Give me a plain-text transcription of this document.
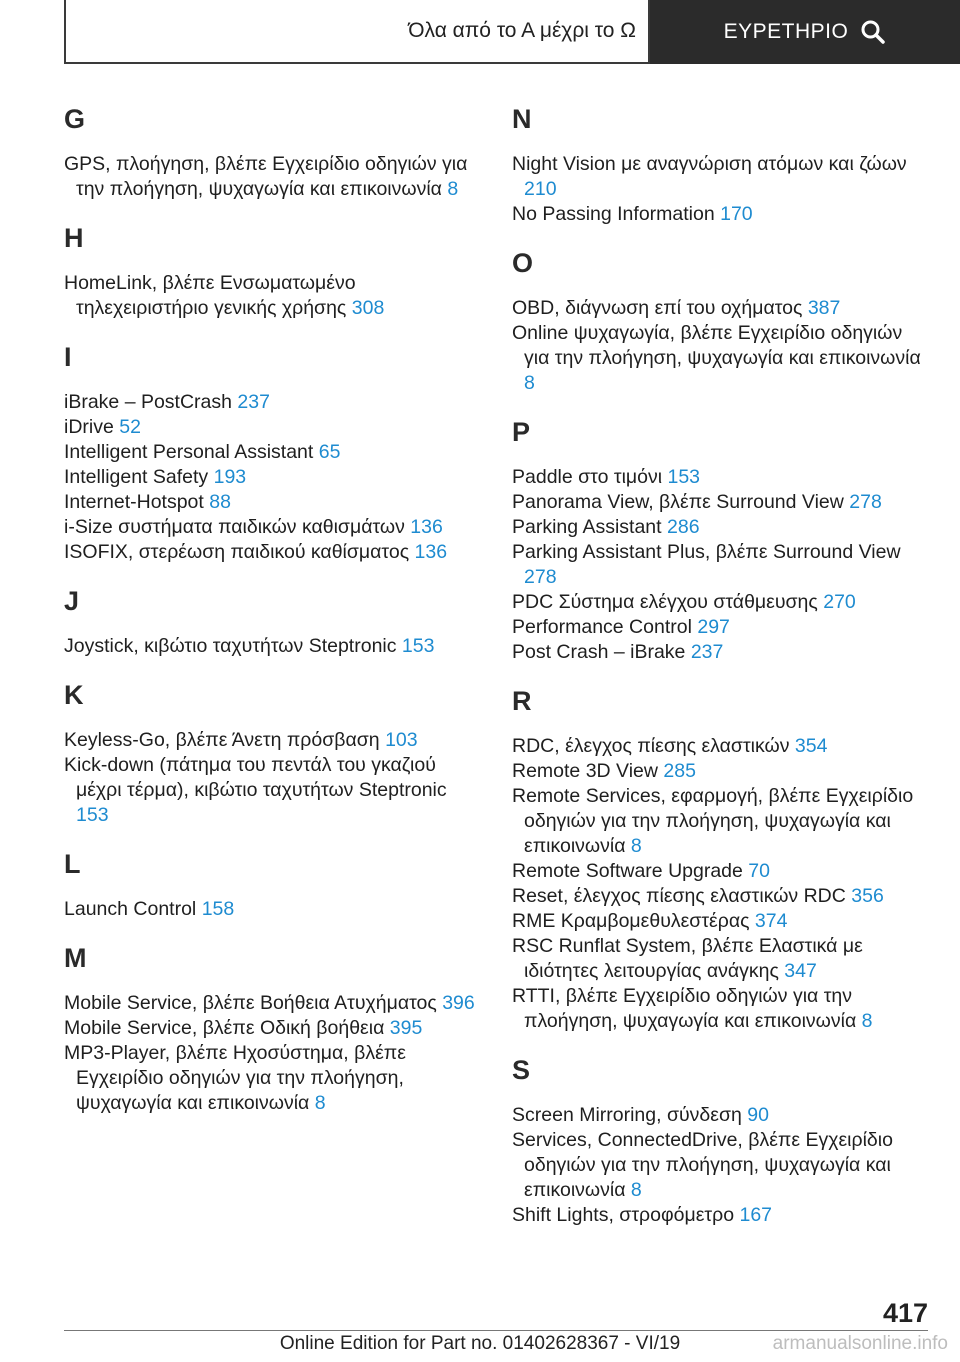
Όλα από το Α μέχρι το Ω	ΕΥΡΕΤΗΡΙΟ
G
GPS, πλοήγηση, βλέπε Εγχειρίδιο οδηγιών για την πλοήγηση, ψυχαγωγία και επικοινωνία 8
H
HomeLink, βλέπε Ενσωματωμένο τηλεχειριστήριο γενικής χρήσης 308
I
iBrake – PostCrash 237
iDrive 52
Intelligent Personal Assistant 65
Intelligent Safety 193
Internet-Hotspot 88
i-Size συστήματα παιδικών καθισμάτων 136
ISOFIX, στερέωση παιδικού καθίσματος 136
J
Joystick, κιβώτιο ταχυτήτων Steptronic 153
K
Keyless-Go, βλέπε Άνετη πρόσβαση 103
Kick-down (πάτημα του πεντάλ του γκαζιού μέχρι τέρμα), κιβώτιο ταχυτήτων Steptronic 153
L
Launch Control 158
M
Mobile Service, βλέπε Βοήθεια Ατυχήματος 396
Mobile Service, βλέπε Οδική βοήθεια 395
MP3-Player, βλέπε Ηχοσύστημα, βλέπε Εγχειρίδιο οδηγιών για την πλοήγηση, ψυχαγωγία και επικοινωνία 8
N
Night Vision με αναγνώριση ατόμων και ζώων 210
No Passing Information 170
O
OBD, διάγνωση επί του οχήματος 387
Online ψυχαγωγία, βλέπε Εγχειρίδιο οδηγιών για την πλοήγηση, ψυχαγωγία και επικοινωνία 8
P
Paddle στο τιμόνι 153
Panorama View, βλέπε Surround View 278
Parking Assistant 286
Parking Assistant Plus, βλέπε Surround View 278
PDC Σύστημα ελέγχου στάθμευσης 270
Performance Control 297
Post Crash – iBrake 237
R
RDC, έλεγχος πίεσης ελαστικών 354
Remote 3D View 285
Remote Services, εφαρμογή, βλέπε Εγχειρίδιο οδηγιών για την πλοήγηση, ψυχαγωγία και επικοινωνία 8
Remote Software Upgrade 70
Reset, έλεγχος πίεσης ελαστικών RDC 356
RME Κραμβομεθυλεστέρας 374
RSC Runflat System, βλέπε Ελαστικά με ιδιότητες λειτουργίας ανάγκης 347
RTTI, βλέπε Εγχειρίδιο οδηγιών για την πλοήγηση, ψυχαγωγία και επικοινωνία 8
S
Screen Mirroring, σύνδεση 90
Services, ConnectedDrive, βλέπε Εγχειρίδιο οδηγιών για την πλοήγηση, ψυχαγωγία και επικοινωνία 8
Shift Lights, στροφόμετρο 167
417
Online Edition for Part no. 01402628367 - VI/19	armanualsonline.info
